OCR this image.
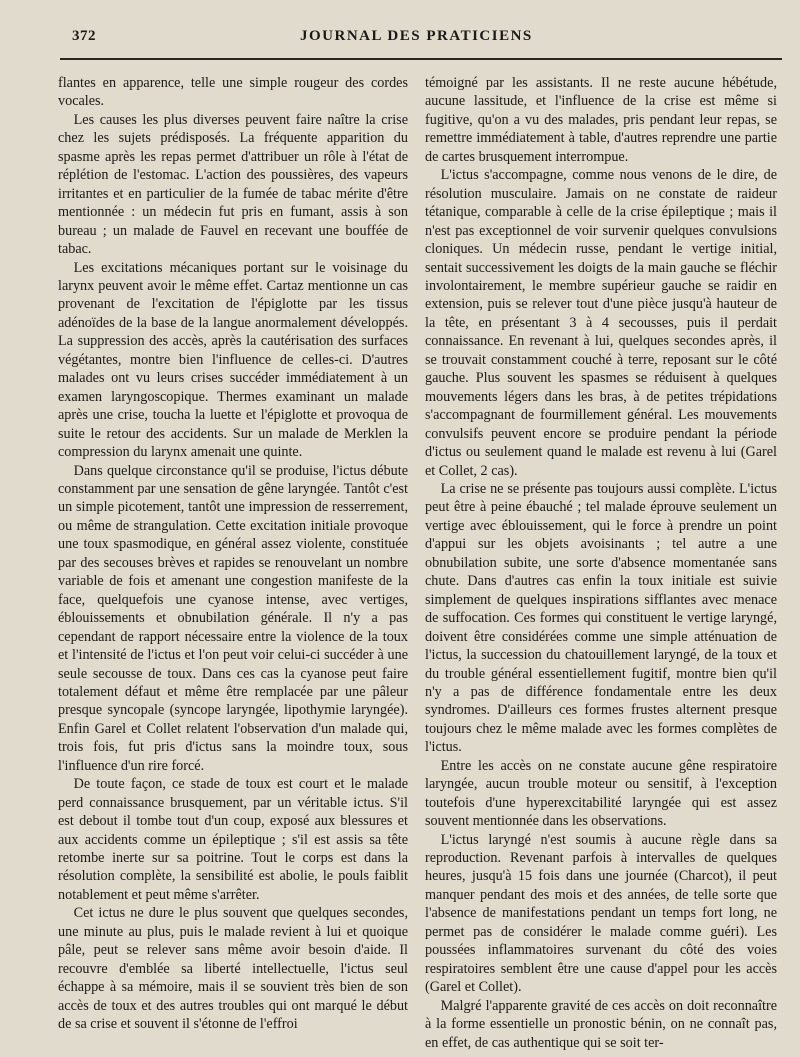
372	JOURNAL DES PRATICIENS

flantes en apparence, telle une simple rougeur des cordes vocales.

Les causes les plus diverses peuvent faire naître la crise chez les sujets prédisposés. La fréquente apparition du spasme après les repas permet d'attribuer un rôle à l'état de réplétion de l'estomac. L'action des poussières, des vapeurs irritantes et en particulier de la fumée de tabac mérite d'être mentionnée : un médecin fut pris en fumant, assis à son bureau ; un malade de Fauvel en recevant une bouffée de tabac.

Les excitations mécaniques portant sur le voisinage du larynx peuvent avoir le même effet. Cartaz mentionne un cas provenant de l'excitation de l'épiglotte par les tissus adénoïdes de la base de la langue anormalement développés. La suppression des accès, après la cautérisation des surfaces végétantes, montre bien l'influence de celles-ci. D'autres malades ont vu leurs crises succéder immédiatement à un examen laryngoscopique. Thermes examinant un malade après une crise, toucha la luette et l'épiglotte et provoqua de suite le retour des accidents. Sur un malade de Merklen la compression du larynx amenait une quinte.

Dans quelque circonstance qu'il se produise, l'ictus débute constamment par une sensation de gêne laryngée. Tantôt c'est un simple picotement, tantôt une impression de resserrement, ou même de strangulation. Cette excitation initiale provoque une toux spasmodique, en général assez violente, constituée par des secouses brèves et rapides se renouvelant un nombre variable de fois et amenant une congestion manifeste de la face, quelquefois une cyanose intense, avec vertiges, éblouissements et obnubilation générale. Il n'y a pas cependant de rapport nécessaire entre la violence de la toux et l'intensité de l'ictus et l'on peut voir celui-ci succéder à une seule secousse de toux. Dans ces cas la cyanose peut faire totalement défaut et même être remplacée par une pâleur presque syncopale (syncope laryngée, lipothymie laryngée). Enfin Garel et Collet relatent l'observation d'un malade qui, trois fois, fut pris d'ictus sans la moindre toux, sous l'influence d'un rire forcé.

De toute façon, ce stade de toux est court et le malade perd connaissance brusquement, par un véritable ictus. S'il est debout il tombe tout d'un coup, exposé aux blessures et aux accidents comme un épileptique ; s'il est assis sa tête retombe inerte sur sa poitrine. Tout le corps est dans la résolution complète, la sensibilité est abolie, le pouls faiblit notablement et peut même s'arrêter.

Cet ictus ne dure le plus souvent que quelques secondes, une minute au plus, puis le malade revient à lui et quoique pâle, peut se relever sans même avoir besoin d'aide. Il recouvre d'emblée sa liberté intellectuelle, l'ictus seul échappe à sa mémoire, mais il se souvient très bien de son accès de toux et des autres troubles qui ont marqué le début de sa crise et souvent il s'étonne de l'effroi

témoigné par les assistants. Il ne reste aucune hébétude, aucune lassitude, et l'influence de la crise est même si fugitive, qu'on a vu des malades, pris pendant leur repas, se remettre immédiatement à table, d'autres reprendre une partie de cartes brusquement interrompue.

L'ictus s'accompagne, comme nous venons de le dire, de résolution musculaire. Jamais on ne constate de raideur tétanique, comparable à celle de la crise épileptique ; mais il n'est pas exceptionnel de voir survenir quelques convulsions cloniques. Un médecin russe, pendant le vertige initial, sentait successivement les doigts de la main gauche se fléchir involontairement, le membre supérieur gauche se raidir en extension, puis se relever tout d'une pièce jusqu'à hauteur de la tête, en présentant 3 à 4 secousses, puis il perdait connaissance. En revenant à lui, quelques secondes après, il se trouvait constamment couché à terre, reposant sur le côté gauche. Plus souvent les spasmes se réduisent à quelques mouvements légers dans les bras, à de petites trépidations s'accompagnant de fourmillement général. Les mouvements convulsifs peuvent encore se produire pendant la période d'ictus ou seulement quand le malade est revenu à lui (Garel et Collet, 2 cas).

La crise ne se présente pas toujours aussi complète. L'ictus peut être à peine ébauché ; tel malade éprouve seulement un vertige avec éblouissement, qui le force à prendre un point d'appui sur les objets avoisinants ; tel autre a une obnubilation subite, une sorte d'absence momentanée sans chute. Dans d'autres cas enfin la toux initiale est suivie simplement de quelques inspirations sifflantes avec menace de suffocation. Ces formes qui constituent le vertige laryngé, doivent être considérées comme une simple atténuation de l'ictus, la succession du chatouillement laryngé, de la toux et du trouble général essentiellement fugitif, montre bien qu'il n'y a pas de différence fondamentale entre les deux syndromes. D'ailleurs ces formes frustes alternent presque toujours chez le même malade avec les formes complètes de l'ictus.

Entre les accès on ne constate aucune gêne respiratoire laryngée, aucun trouble moteur ou sensitif, à l'exception toutefois d'une hyperexcitabilité laryngée qui est assez souvent mentionnée dans les observations.

L'ictus laryngé n'est soumis à aucune règle dans sa reproduction. Revenant parfois à intervalles de quelques heures, jusqu'à 15 fois dans une journée (Charcot), il peut manquer pendant des mois et des années, de telle sorte que l'absence de manifestations pendant un temps fort long, ne permet pas de considérer le malade comme guéri). Les poussées inflammatoires survenant du côté des voies respiratoires semblent être une cause d'appel pour les accès (Garel et Collet).

Malgré l'apparente gravité de ces accès on doit reconnaître à la forme essentielle un pronostic bénin, on ne connaît pas, en effet, de cas authentique qui se soit ter-
